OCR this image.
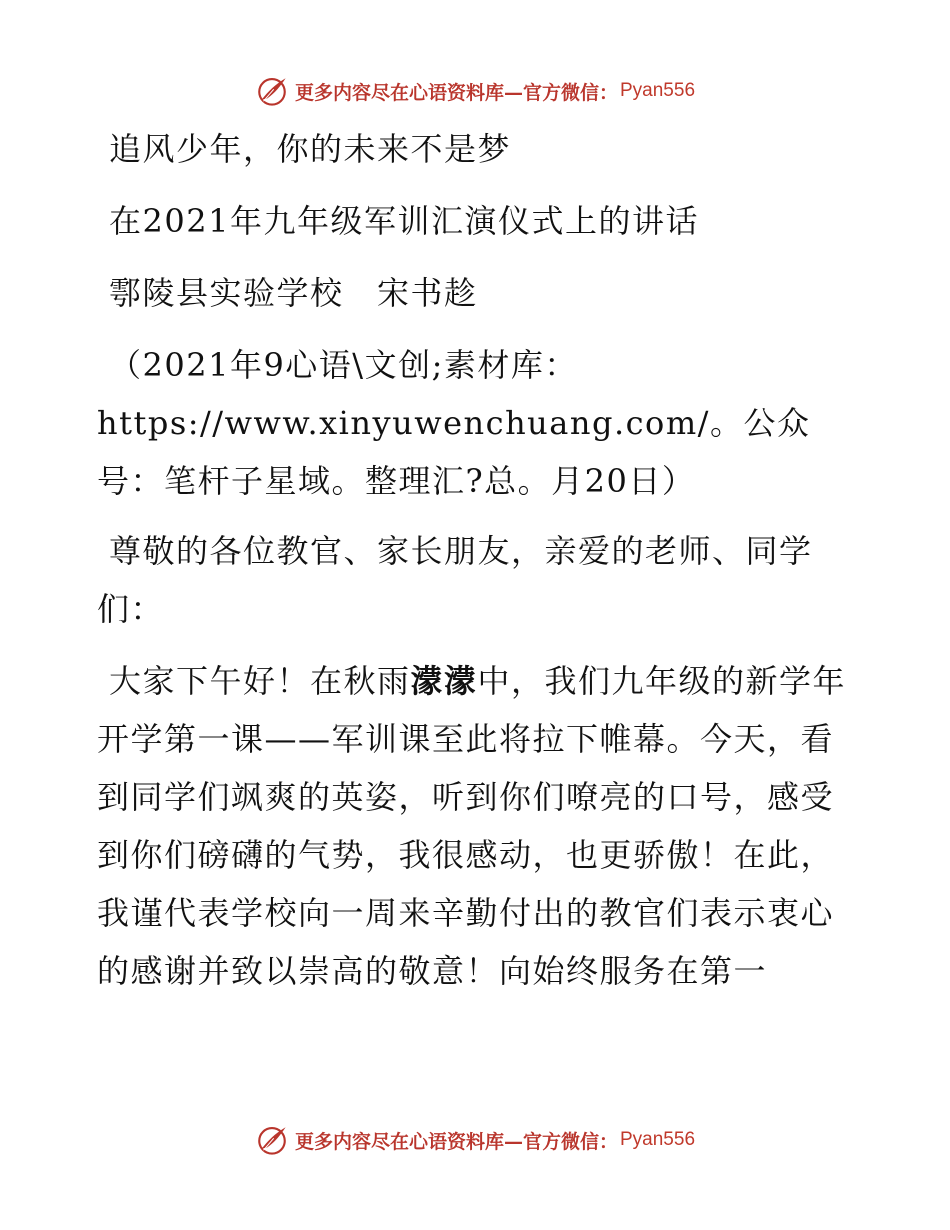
更多内容尽在心语资料库—官方微信： Pyan556
追风少年，你的未来不是梦
在2021年九年级军训汇演仪式上的讲话
鄠陵县实验学校　宋书趁
（2021年9心语\文创;素材库：https://www.xinyuwenchuang.com/。公众号：笔杆子星域。整理汇?总。月20日）
尊敬的各位教官、家长朋友，亲爱的老师、同学们：
大家下午好！在秋雨濛濛中，我们九年级的新学年开学第一课——军训课至此将拉下帷幕。今天，看到同学们飒爽的英姿，听到你们嘹亮的口号，感受到你们磅礴的气势，我很感动，也更骄傲！在此，我谨代表学校向一周来辛勤付出的教官们表示衷心的感谢并致以崇高的敬意！向始终服务在第一
更多内容尽在心语资料库—官方微信： Pyan556
